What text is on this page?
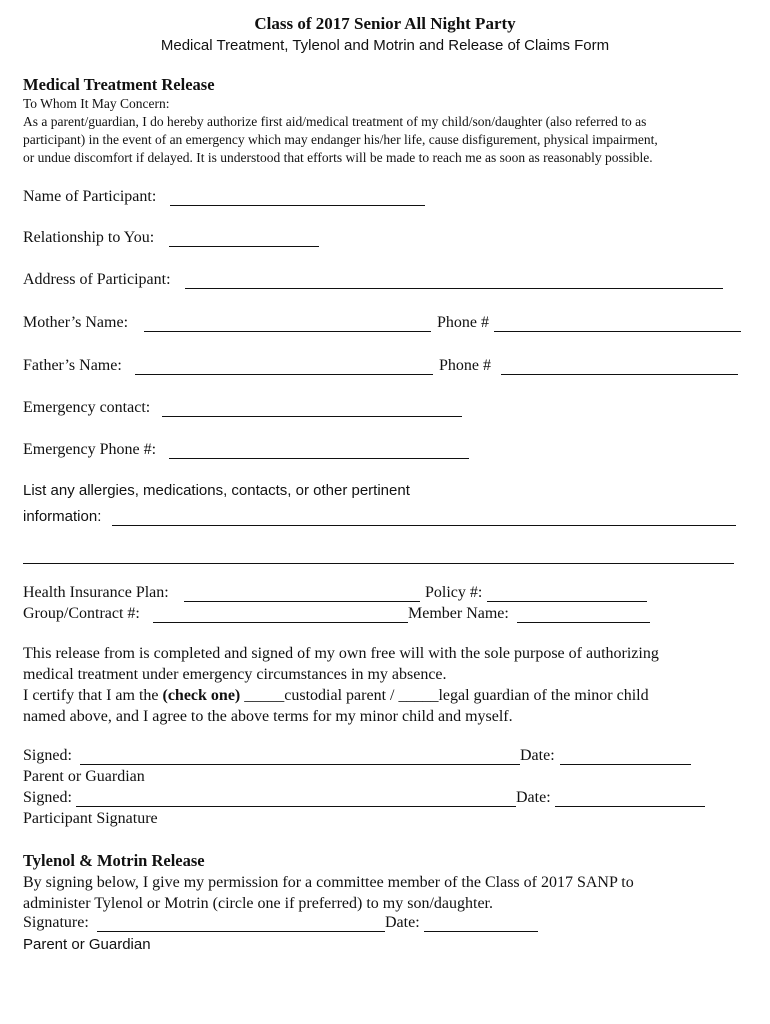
Class of 2017 Senior All Night Party
Medical Treatment, Tylenol and Motrin and Release of Claims Form
Medical Treatment Release
To Whom It May Concern:
As a parent/guardian, I do hereby authorize first aid/medical treatment of my child/son/daughter (also referred to as
participant) in the event of an emergency which may endanger his/her life, cause disfigurement, physical impairment,
or undue discomfort if delayed. It is understood that efforts will be made to reach me as soon as reasonably possible.
Name of Participant:
Relationship to You:
Address of Participant:
Mother’s Name:	Phone #
Father’s Name:	Phone #
Emergency contact:
Emergency Phone #:
List any allergies, medications, contacts, or other pertinent
information:
Health Insurance Plan:	Policy #:
Group/Contract #:	Member Name:
This release from is completed and signed of my own free will with the sole purpose of authorizing
medical treatment under emergency circumstances in my absence.
I certify that I am the (check one) _____custodial parent / _____legal guardian of the minor child
named above, and I agree to the above terms for my minor child and myself.
Signed:	Date:
Parent or Guardian
Signed:	Date:
Participant Signature
Tylenol & Motrin Release
By signing below, I give my permission for a committee member of the Class of 2017 SANP to
administer Tylenol or Motrin (circle one if preferred) to my son/daughter.
Signature:	Date:
Parent or Guardian
